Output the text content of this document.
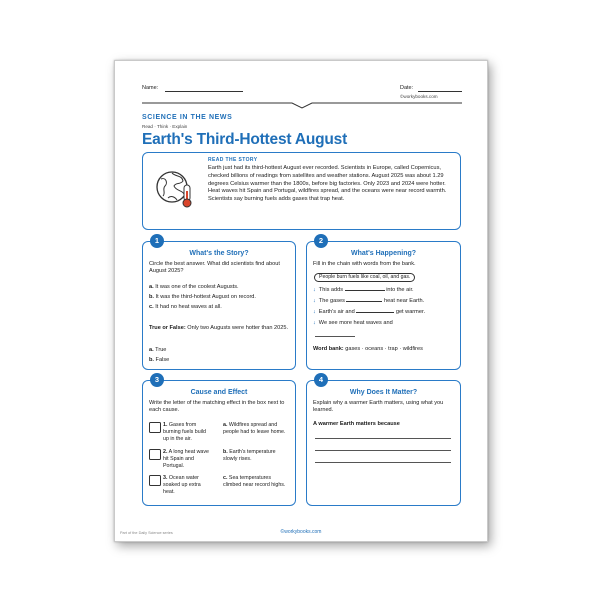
Name:	Date:
©workybooks.com
SCIENCE IN THE NEWS
Read · Think · Explain
Earth's Third-Hottest August
READ THE STORY
Earth just had its third-hottest August ever recorded. Scientists in Europe, called Copernicus, checked billions of readings from satellites and weather stations. August 2025 was about 1.29 degrees Celsius warmer than the 1800s, before big factories. Only 2023 and 2024 were hotter. Heat waves hit Spain and Portugal, wildfires spread, and the oceans were near record warmth. Scientists say burning fuels adds gases that trap heat.
What's the Story?
Circle the best answer. What did scientists find about August 2025?
a. It was one of the coolest Augusts.
b. It was the third-hottest August on record.
c. It had no heat waves at all.
True or False: Only two Augusts were hotter than 2025.
a. True
b. False
1
What's Happening?
Fill in the chain with words from the bank.
People burn fuels like coal, oil, and gas.
↓ This adds	into the air.
↓ The gases	heat near Earth.
↓ Earth's air and	get warmer.
↓ We see more heat waves and
Word bank: gases · oceans · trap · wildfires
2
Cause and Effect
Write the letter of the matching effect in the box next to each cause.
1. Gases from burning fuels build up in the air.
a. Wildfires spread and people had to leave home.
2. A long heat wave hit Spain and Portugal.
b. Earth's temperature slowly rises.
3. Ocean water soaked up extra heat.
c. Sea temperatures climbed near record highs.
3
Why Does It Matter?
Explain why a warmer Earth matters, using what you learned.
A warmer Earth matters because
4
Part of the Daily Science series	©workybooks.com
